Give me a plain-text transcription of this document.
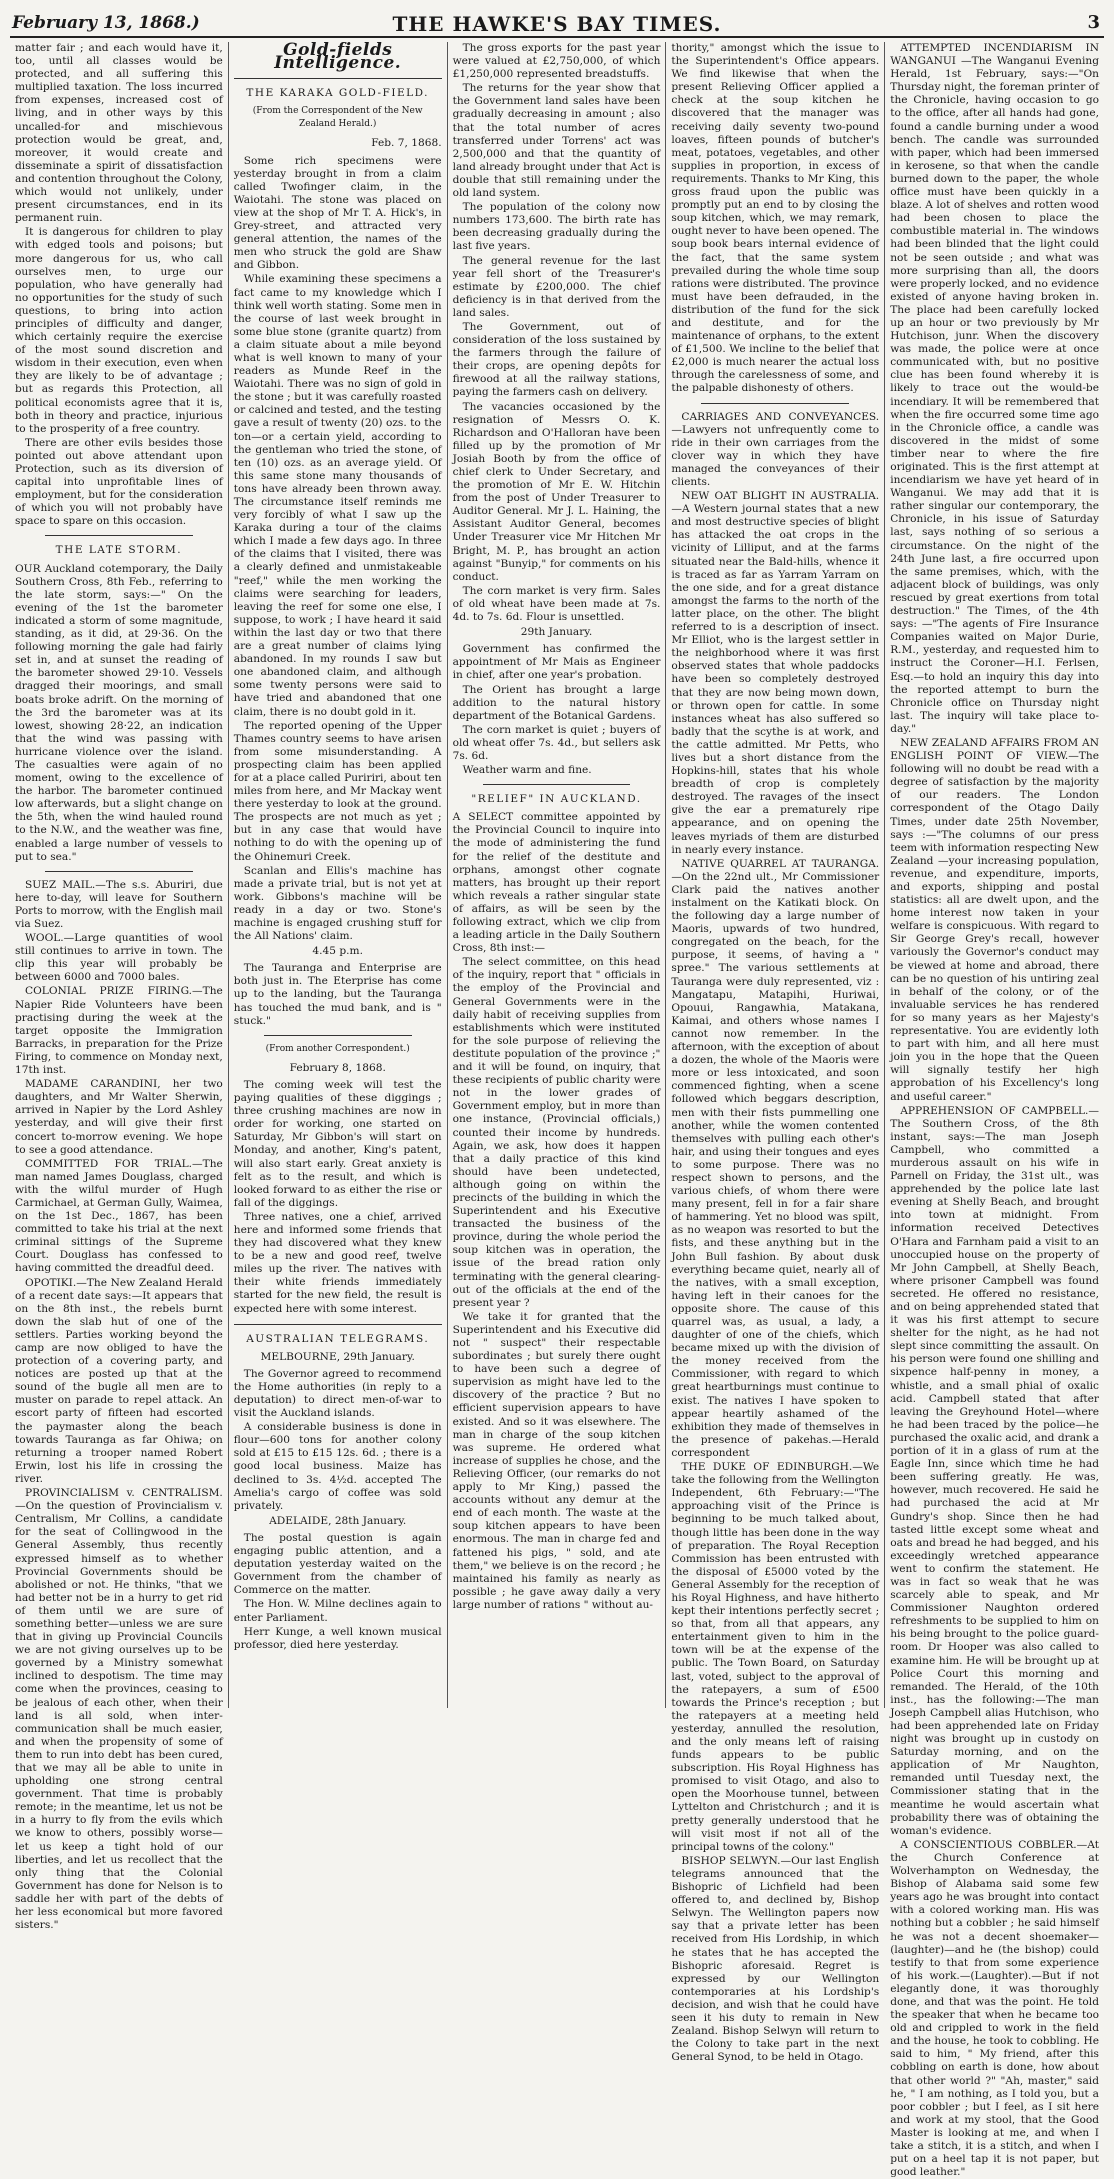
February 13, 1868.)	THE HAWKE'S BAY TIMES.	3

matter fair ; and each would have it, too, until all classes would be protected, and all suffering this multiplied taxation. The loss incurred from expenses, increased cost of living, and in other ways by this uncalled-for and mischievous protection would be great, and, moreover, it would create and disseminate a spirit of dissatisfaction and contention throughout the Colony, which would not unlikely, under present circumstances, end in its permanent ruin.

It is dangerous for children to play with edged tools and poisons; but more dangerous for us, who call ourselves men, to urge our population, who have generally had no opportunities for the study of such questions, to bring into action principles of difficulty and danger, which certainly require the exercise of the most sound discretion and wisdom in their execution, even when they are likely to be of advantage ; but as regards this Protection, all political economists agree that it is, both in theory and practice, injurious to the prosperity of a free country.

There are other evils besides those pointed out above attendant upon Protection, such as its diversion of capital into unprofitable lines of employment, but for the consideration of which you will not probably have space to spare on this occasion.

THE LATE STORM.

OUR Auckland cotemporary, the Daily Southern Cross, 8th Feb., referring to the late storm, says:—" On the evening of the 1st the barometer indicated a storm of some magnitude, standing, as it did, at 29·36. On the following morning the gale had fairly set in, and at sunset the reading of the barometer showed 29·10. Vessels dragged their moorings, and small boats broke adrift. On the morning of the 3rd the barometer was at its lowest, showing 28·22, an indication that the wind was passing with hurricane violence over the island. The casualties were again of no moment, owing to the excellence of the harbor. The barometer continued low afterwards, but a slight change on the 5th, when the wind hauled round to the N.W., and the weather was fine, enabled a large number of vessels to put to sea."

SUEZ MAIL.—The s.s. Aburiri, due here to-day, will leave for Southern Ports to morrow, with the English mail via Suez.

WOOL.—Large quantities of wool still continues to arrive in town. The clip this year will probably be between 6000 and 7000 bales.

COLONIAL PRIZE FIRING.—The Napier Ride Volunteers have been practising during the week at the target opposite the Immigration Barracks, in preparation for the Prize Firing, to commence on Monday next, 17th inst.

MADAME CARANDINI, her two daughters, and Mr Walter Sherwin, arrived in Napier by the Lord Ashley yesterday, and will give their first concert to-morrow evening. We hope to see a good attendance.

COMMITTED FOR TRIAL.—The man named James Douglass, charged with the wilful murder of Hugh Carmichael, at German Gully, Waimea, on the 1st Dec., 1867, has been committed to take his trial at the next criminal sittings of the Supreme Court. Douglass has confessed to having committed the dreadful deed.

OPOTIKI.—The New Zealand Herald of a recent date says:—It appears that on the 8th inst., the rebels burnt down the slab hut of one of the settlers. Parties working beyond the camp are now obliged to have the protection of a covering party, and notices are posted up that at the sound of the bugle all men are to muster on parade to repel attack. An escort party of fifteen had escorted the paymaster along the beach towards Tauranga as far Ohiwa; on returning a trooper named Robert Erwin, lost his life in crossing the river.

PROVINCIALISM v. CENTRALISM.—On the question of Provincialism v. Centralism, Mr Collins, a candidate for the seat of Collingwood in the General Assembly, thus recently expressed himself as to whether Provincial Governments should be abolished or not. He thinks, "that we had better not be in a hurry to get rid of them until we are sure of something better—unless we are sure that in giving up Provincial Councils we are not giving ourselves up to be governed by a Ministry somewhat inclined to despotism. The time may come when the provinces, ceasing to be jealous of each other, when their land is all sold, when inter-communication shall be much easier, and when the propensity of some of them to run into debt has been cured, that we may all be able to unite in upholding one strong central government. That time is probably remote; in the meantime, let us not be in a hurry to fly from the evils which we know to others, possibly worse—let us keep a tight hold of our liberties, and let us recollect that the only thing that the Colonial Government has done for Nelson is to saddle her with part of the debts of her less economical but more favored sisters."

Gold-fields Intelligence.
THE KARAKA GOLD-FIELD.
(From the Correspondent of the New Zealand Herald.)
Feb. 7, 1868.

Some rich specimens were yesterday brought in from a claim called Twofinger claim, in the Waiotahi. The stone was placed on view at the shop of Mr T. A. Hick's, in Grey-street, and attracted very general attention, the names of the men who struck the gold are Shaw and Gibbon.

While examining these specimens a fact came to my knowledge which I think well worth stating. Some men in the course of last week brought in some blue stone (granite quartz) from a claim situate about a mile beyond what is well known to many of your readers as Munde Reef in the Waiotahi. There was no sign of gold in the stone ; but it was carefully roasted or calcined and tested, and the testing gave a result of twenty (20) ozs. to the ton—or a certain yield, according to the gentleman who tried the stone, of ten (10) ozs. as an average yield. Of this same stone many thousands of tons have already been thrown away. The circumstance itself reminds me very forcibly of what I saw up the Karaka during a tour of the claims which I made a few days ago. In three of the claims that I visited, there was a clearly defined and unmistakeable "reef," while the men working the claims were searching for leaders, leaving the reef for some one else, I suppose, to work ; I have heard it said within the last day or two that there are a great number of claims lying abandoned. In my rounds I saw but one abandoned claim, and although some twenty persons were said to have tried and abandoned that one claim, there is no doubt gold in it.

The reported opening of the Upper Thames country seems to have arisen from some misunderstanding. A prospecting claim has been applied for at a place called Puririri, about ten miles from here, and Mr Mackay went there yesterday to look at the ground. The prospects are not much as yet ; but in any case that would have nothing to do with the opening up of the Ohinemuri Creek.

Scanlan and Ellis's machine has made a private trial, but is not yet at work. Gibbons's machine will be ready in a day or two. Stone's machine is engaged crushing stuff for the All Nations' claim.

4.45 p.m.

The Tauranga and Enterprise are both just in. The Eterprise has come up to the landing, but the Tauranga has touched the mud bank, and is " stuck."

(From another Correspondent.)
February 8, 1868.

The coming week will test the paying qualities of these diggings ; three crushing machines are now in order for working, one started on Saturday, Mr Gibbon's will start on Monday, and another, King's patent, will also start early. Great anxiety is felt as to the result, and which is looked forward to as either the rise or fall of the diggings.

Three natives, one a chief, arrived here and informed some friends that they had discovered what they knew to be a new and good reef, twelve miles up the river. The natives with their white friends immediately started for the new field, the result is expected here with some interest.

AUSTRALIAN TELEGRAMS.
MELBOURNE, 29th January.

The Governor agreed to recommend the Home authorities (in reply to a deputation) to direct men-of-war to visit the Auckland islands.

A considerable business is done in flour—600 tons for another colony sold at £15 to £15 12s. 6d. ; there is a good local business. Maize has declined to 3s. 4½d. accepted The Amelia's cargo of coffee was sold privately.

ADELAIDE, 28th January.

The postal question is again engaging public attention, and a deputation yesterday waited on the Government from the chamber of Commerce on the matter.

The Hon. W. Milne declines again to enter Parliament.

Herr Kunge, a well known musical professor, died here yesterday.

The gross exports for the past year were valued at £2,750,000, of which £1,250,000 represented breadstuffs.

The returns for the year show that the Government land sales have been gradually decreasing in amount ; also that the total number of acres transferred under Torrens' act was 2,500,000 and that the quantity of land already brought under that Act is double that still remaining under the old land system.

The population of the colony now numbers 173,600. The birth rate has been decreasing gradually during the last five years.

The general revenue for the last year fell short of the Treasurer's estimate by £200,000. The chief deficiency is in that derived from the land sales.

The Government, out of consideration of the loss sustained by the farmers through the failure of their crops, are opening depôts for firewood at all the railway stations, paying the farmers cash on delivery.

The vacancies occasioned by the resignation of Messrs O. K. Richardson and O'Halloran have been filled up by the promotion of Mr Josiah Booth by from the office of chief clerk to Under Secretary, and the promotion of Mr E. W. Hitchin from the post of Under Treasurer to Auditor General. Mr J. L. Haining, the Assistant Auditor General, becomes Under Treasurer vice Mr Hitchen Mr Bright, M. P., has brought an action against "Bunyip," for comments on his conduct.

The corn market is very firm. Sales of old wheat have been made at 7s. 4d. to 7s. 6d. Flour is unsettled.

29th January.

Government has confirmed the appointment of Mr Mais as Engineer in chief, after one year's probation.

The Orient has brought a large addition to the natural history department of the Botanical Gardens.

The corn market is quiet ; buyers of old wheat offer 7s. 4d., but sellers ask 7s. 6d.

Weather warm and fine.

"RELIEF" IN AUCKLAND.

A SELECT committee appointed by the Provincial Council to inquire into the mode of administering the fund for the relief of the destitute and orphans, amongst other cognate matters, has brought up their report which reveals a rather singular state of affairs, as will be seen by the following extract, which we clip from a leading article in the Daily Southern Cross, 8th inst:—

The select committee, on this head of the inquiry, report that " officials in the employ of the Provincial and General Governments were in the daily habit of receiving supplies from establishments which were instituted for the sole purpose of relieving the destitute population of the province ;" and it will be found, on inquiry, that these recipients of public charity were not in the lower grades of Government employ, but in more than one instance, (Provincial officials,) counted their income by hundreds. Again, we ask, how does it happen that a daily practice of this kind should have been undetected, although going on within the precincts of the building in which the Superintendent and his Executive transacted the business of the province, during the whole period the soup kitchen was in operation, the issue of the bread ration only terminating with the general clearing-out of the officials at the end of the present year ?

We take it for granted that the Superintendent and his Executive did not " suspect" their respectable subordinates ; but surely there ought to have been such a degree of supervision as might have led to the discovery of the practice ? But no efficient supervision appears to have existed. And so it was elsewhere. The man in charge of the soup kitchen was supreme. He ordered what increase of supplies he chose, and the Relieving Officer, (our remarks do not apply to Mr King,) passed the accounts without any demur at the end of each month. The waste at the soup kitchen appears to have been enormous. The man in charge fed and fattened his pigs, " sold, and ate them," we believe is on the record ; he maintained his family as nearly as possible ; he gave away daily a very large number of rations " without au-

thority," amongst which the issue to the Superintendent's Office appears. We find likewise that when the present Relieving Officer applied a check at the soup kitchen he discovered that the manager was receiving daily seventy two-pound loaves, fifteen pounds of butcher's meat, potatoes, vegetables, and other supplies in proportion, in excess of requirements. Thanks to Mr King, this gross fraud upon the public was promptly put an end to by closing the soup kitchen, which, we may remark, ought never to have been opened. The soup book bears internal evidence of the fact, that the same system prevailed during the whole time soup rations were distributed. The province must have been defrauded, in the distribution of the fund for the sick and destitute, and for the maintenance of orphans, to the extent of £1,500. We incline to the belief that £2,000 is much nearer the actual loss through the carelessness of some, and the palpable dishonesty of others.

CARRIAGES AND CONVEYANCES.—Lawyers not unfrequently come to ride in their own carriages from the clover way in which they have managed the conveyances of their clients.

NEW OAT BLIGHT IN AUSTRALIA.—A Western journal states that a new and most destructive species of blight has attacked the oat crops in the vicinity of Lilliput, and at the farms situated near the Bald-hills, whence it is traced as far as Yarram Yarram on the one side, and for a great distance amongst the farms to the north of the latter place, on the other. The blight referred to is a description of insect. Mr Elliot, who is the largest settler in the neighborhood where it was first observed states that whole paddocks have been so completely destroyed that they are now being mown down, or thrown open for cattle. In some instances wheat has also suffered so badly that the scythe is at work, and the cattle admitted. Mr Petts, who lives but a short distance from the Hopkins-hill, states that his whole breadth of crop is completely destroyed. The ravages of the insect give the ear a prematurely ripe appearance, and on opening the leaves myriads of them are disturbed in nearly every instance.

NATIVE QUARREL AT TAURANGA.—On the 22nd ult., Mr Commissioner Clark paid the natives another instalment on the Katikati block. On the following day a large number of Maoris, upwards of two hundred, congregated on the beach, for the purpose, it seems, of having a " spree." The various settlements at Tauranga were duly represented, viz : Mangatapu, Matapihi, Huriwai, Opouui, Rangawhia, Matakana, Kaimai, and others whose names I cannot now remember. In the afternoon, with the exception of about a dozen, the whole of the Maoris were more or less intoxicated, and soon commenced fighting, when a scene followed which beggars description, men with their fists pummelling one another, while the women contented themselves with pulling each other's hair, and using their tongues and eyes to some purpose. There was no respect shown to persons, and the various chiefs, of whom there were many present, fell in for a fair share of hammering. Yet no blood was spilt, as no weapon was resorted to but the fists, and these anything but in the John Bull fashion. By about dusk everything became quiet, nearly all of the natives, with a small exception, having left in their canoes for the opposite shore. The cause of this quarrel was, as usual, a lady, a daughter of one of the chiefs, which became mixed up with the division of the money received from the Commissioner, with regard to which great heartburnings must continue to exist. The natives I have spoken to appear heartily ashamed of the exhibition they made of themselves in the presence of pakehas.—Herald correspondent

THE DUKE OF EDINBURGH.—We take the following from the Wellington Independent, 6th February:—"The approaching visit of the Prince is beginning to be much talked about, though little has been done in the way of preparation. The Royal Reception Commission has been entrusted with the disposal of £5000 voted by the General Assembly for the reception of his Royal Highness, and have hitherto kept their intentions perfectly secret ; so that, from all that appears, any entertainment given to him in the town will be at the expense of the public. The Town Board, on Saturday last, voted, subject to the approval of the ratepayers, a sum of £500 towards the Prince's reception ; but the ratepayers at a meeting held yesterday, annulled the resolution, and the only means left of raising funds appears to be public subscription. His Royal Highness has promised to visit Otago, and also to open the Moorhouse tunnel, between Lyttelton and Christchurch ; and it is pretty generally understood that he will visit most if not all of the principal towns of the colony."

BISHOP SELWYN.—Our last English telegrams announced that the Bishopric of Lichfield had been offered to, and declined by, Bishop Selwyn. The Wellington papers now say that a private letter has been received from His Lordship, in which he states that he has accepted the Bishopric aforesaid. Regret is expressed by our Wellington contemporaries at his Lordship's decision, and wish that he could have seen it his duty to remain in New Zealand. Bishop Selwyn will return to the Colony to take part in the next General Synod, to be held in Otago.

ATTEMPTED INCENDIARISM IN WANGANUI —The Wanganui Evening Herald, 1st February, says:—"On Thursday night, the foreman printer of the Chronicle, having occasion to go to the office, after all hands had gone, found a candle burning under a wood bench. The candle was surrounded with paper, which had been immersed in kerosene, so that when the candle burned down to the paper, the whole office must have been quickly in a blaze. A lot of shelves and rotten wood had been chosen to place the combustible material in. The windows had been blinded that the light could not be seen outside ; and what was more surprising than all, the doors were properly locked, and no evidence existed of anyone having broken in. The place had been carefully locked up an hour or two previously by Mr Hutchison, junr. When the discovery was made, the police were at once communicated with, but no positive clue has been found whereby it is likely to trace out the would-be incendiary. It will be remembered that when the fire occurred some time ago in the Chronicle office, a candle was discovered in the midst of some timber near to where the fire originated. This is the first attempt at incendiarism we have yet heard of in Wanganui. We may add that it is rather singular our contemporary, the Chronicle, in his issue of Saturday last, says nothing of so serious a circumstance. On the night of the 24th June last, a fire occurred upon the same premises, which, with the adjacent block of buildings, was only rescued by great exertions from total destruction." The Times, of the 4th says: —"The agents of Fire Insurance Companies waited on Major Durie, R.M., yesterday, and requested him to instruct the Coroner—H.I. Ferlsen, Esq.—to hold an inquiry this day into the reported attempt to burn the Chronicle office on Thursday night last. The inquiry will take place to-day."

NEW ZEALAND AFFAIRS FROM AN ENGLISH POINT OF VIEW.—The following will no doubt be read with a degree of satisfaction by the majority of our readers. The London correspondent of the Otago Daily Times, under date 25th November, says :—"The columns of our press teem with information respecting New Zealand —your increasing population, revenue, and expenditure, imports, and exports, shipping and postal statistics: all are dwelt upon, and the home interest now taken in your welfare is conspicuous. With regard to Sir George Grey's recall, however variously the Governor's conduct may be viewed at home and abroad, there can be no question of his untiring zeal in behalf of the colony, or of the invaluable services he has rendered for so many years as her Majesty's representative. You are evidently loth to part with him, and all here must join you in the hope that the Queen will signally testify her high approbation of his Excellency's long and useful career."

APPREHENSION OF CAMPBELL.—The Southern Cross, of the 8th instant, says:—The man Joseph Campbell, who committed a murderous assault on his wife in Parnell on Friday, the 31st ult., was apprehended by the police late last evening at Shelly Beach, and brought into town at midnight. From information received Detectives O'Hara and Farnham paid a visit to an unoccupied house on the property of Mr John Campbell, at Shelly Beach, where prisoner Campbell was found secreted. He offered no resistance, and on being apprehended stated that it was his first attempt to secure shelter for the night, as he had not slept since committing the assault. On his person were found one shilling and sixpence half-penny in money, a whistle, and a small phial of oxalic acid. Campbell stated that after leaving the Greyhound Hotel—where he had been traced by the police—he purchased the oxalic acid, and drank a portion of it in a glass of rum at the Eagle Inn, since which time he had been suffering greatly. He was, however, much recovered. He said he had purchased the acid at Mr Gundry's shop. Since then he had tasted little except some wheat and oats and bread he had begged, and his exceedingly wretched appearance went to confirm the statement. He was in fact so weak that he was scarcely able to speak, and Mr Commissioner Naughton ordered refreshments to be supplied to him on his being brought to the police guard-room. Dr Hooper was also called to examine him. He will be brought up at Police Court this morning and remanded. The Herald, of the 10th inst., has the following:—The man Joseph Campbell alias Hutchison, who had been apprehended late on Friday night was brought up in custody on Saturday morning, and on the application of Mr Naughton, remanded until Tuesday next, the Commissioner stating that in the meantime he would ascertain what probability there was of obtaining the woman's evidence.

A CONSCIENTIOUS COBBLER.—At the Church Conference at Wolverhampton on Wednesday, the Bishop of Alabama said some few years ago he was brought into contact with a colored working man. His was nothing but a cobbler ; he said himself he was not a decent shoemaker—(laughter)—and he (the bishop) could testify to that from some experience of his work.—(Laughter).—But if not elegantly done, it was thoroughly done, and that was the point. He told the speaker that when he became too old and crippled to work in the field and the house, he took to cobbling. He said to him, " My friend, after this cobbling on earth is done, how about that other world ?" "Ah, master," said he, " I am nothing, as I told you, but a poor cobbler ; but I feel, as I sit here and work at my stool, that the Good Master is looking at me, and when I take a stitch, it is a stitch, and when I put on a heel tap it is not paper, but good leather."
